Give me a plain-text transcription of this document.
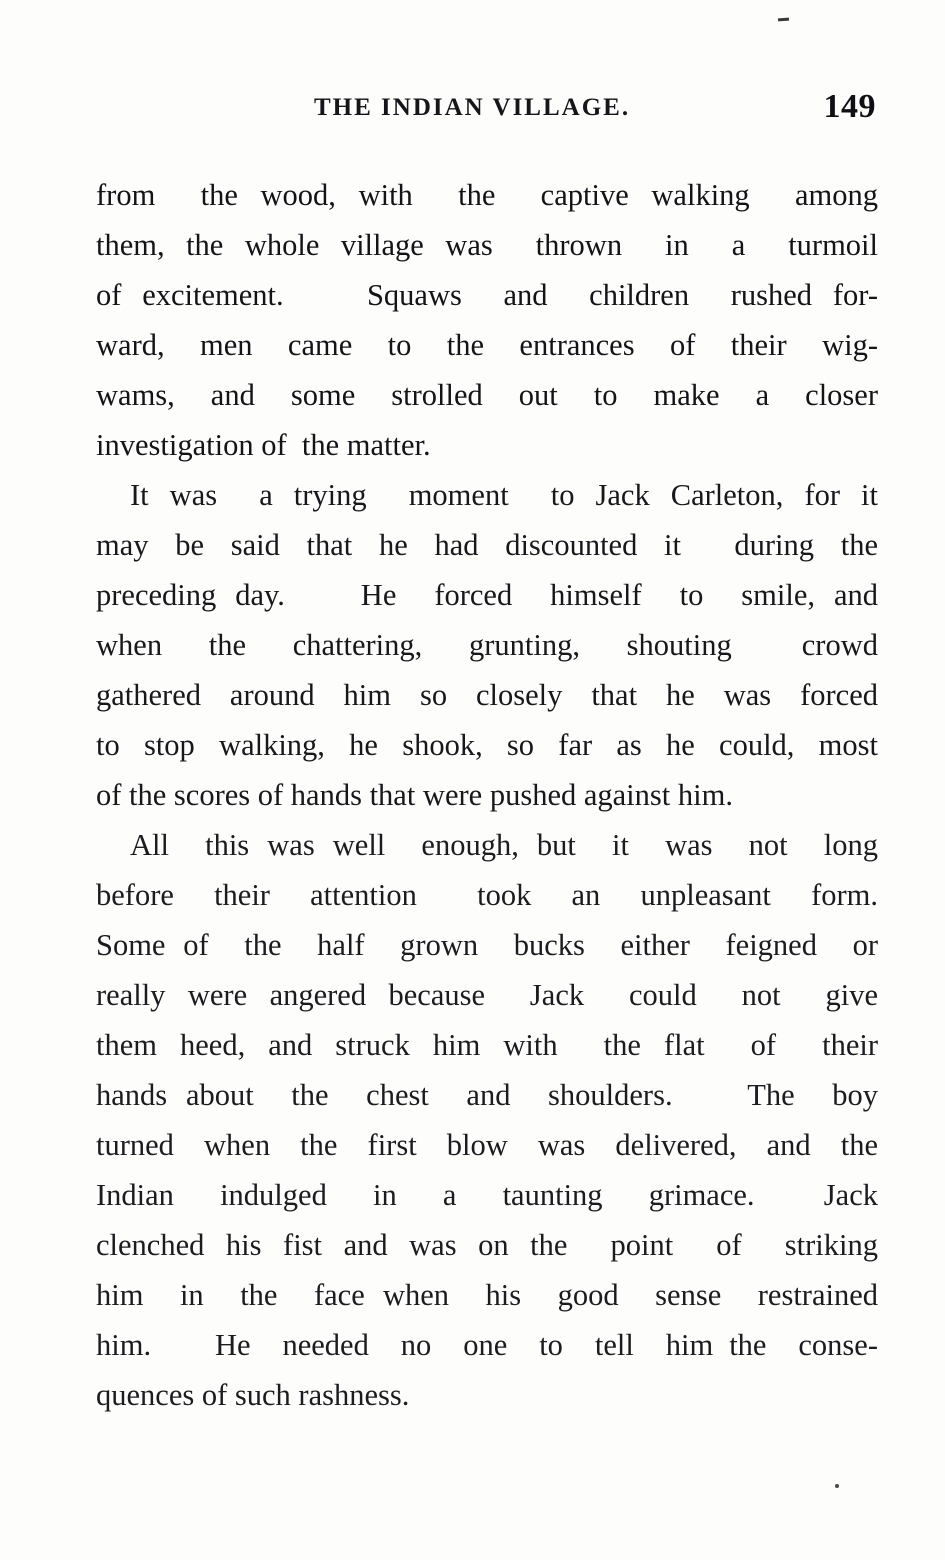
THE INDIAN VILLAGE.	149

from  the wood, with  the  captive walking  among
them, the whole village was  thrown  in  a  turmoil
of excitement.    Squaws  and  children  rushed for-
ward,  men  came  to  the  entrances  of  their  wig-
wams,  and  some  strolled  out  to  make  a  closer
investigation of  the matter.

It was  a trying  moment  to Jack Carleton, for it
may be said that he had discounted it  during the
preceding day.    He  forced  himself  to  smile, and
when  the  chattering,  grunting,  shouting   crowd
gathered around him so closely that he was forced
to stop walking, he shook, so far as he could, most
of the scores of hands that were pushed against him.

All  this was well  enough, but  it  was  not  long
before  their  attention   took  an  unpleasant  form.
Some of  the  half  grown  bucks  either  feigned  or
really were angered because  Jack  could  not  give
them heed, and struck him with  the flat  of  their
hands about  the  chest  and  shoulders.    The  boy
turned when the first blow was delivered, and the
Indian  indulged  in  a  taunting  grimace.   Jack
clenched his fist and was on the  point  of  striking
him  in  the  face when  his  good  sense  restrained
him.    He  needed  no  one  to  tell  him the  conse-
quences of such rashness.
